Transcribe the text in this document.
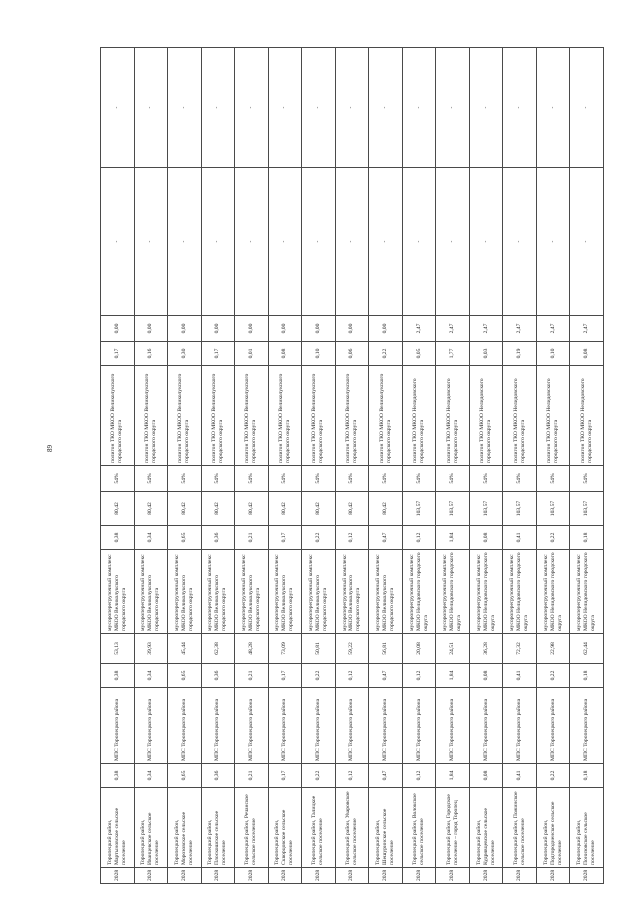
89
2028	Торопецкий район, Мартыновское сельское поселение	0,38	МПС Торопецкого района	0,38	53,13	мусороперегрузочный комплекс МКОО Великолукского городского округа	0,38	80,42	54%	полигон ТКО МКОО Великолукского городского округа	0,17	0,00	-	-
2028	Торопецкий район, Иванцевское сельское поселение	0,34	МПС Торопецкого района	0,34	39,93	мусороперегрузочный комплекс МКОО Великолукского городского округа	0,34	80,42	54%	полигон ТКО МКОО Великолукского городского округа	0,16	0,00	-	-
2028	Торопецкий район, Морозовское сельское поселение	0,65	МПС Торопецкого района	0,65	45,44	мусороперегрузочный комплекс МКОО Великолукского городского округа	0,65	80,42	54%	полигон ТКО МКОО Великолукского городского округа	0,30	0,00	-	-
2028	Торопецкий район, Плоскошское сельское поселение	0,36	МПС Торопецкого района	0,36	62,38	мусороперегрузочный комплекс МКОО Великолукского городского округа	0,36	80,42	54%	полигон ТКО МКОО Великолукского городского округа	0,17	0,00	-	-
2028	Торопецкий район, Речанское сельское поселение	0,21	МПС Торопецкого района	0,21	48,28	мусороперегрузочный комплекс МКОО Великолукского городского округа	0,21	80,42	54%	полигон ТКО МКОО Великолукского городского округа	0,01	0,00	-	-
2028	Торопецкий район, Скворцовское сельское поселение	0,17	МПС Торопецкого района	0,17	73,09	мусороперегрузочный комплекс МКОО Великолукского городского округа	0,17	80,42	54%	полигон ТКО МКОО Великолукского городского округа	0,08	0,00	-	-
2028	Торопецкий район, Талицкое сельское поселение	0,22	МПС Торопецкого района	0,22	50,81	мусороперегрузочный комплекс МКОО Великолукского городского округа	0,22	80,42	54%	полигон ТКО МКОО Великолукского городского округа	0,10	0,00	-	-
2028	Торопецкий район, Уваровское сельское поселение	0,12	МПС Торопецкого района	0,12	59,22	мусороперегрузочный комплекс МКОО Великолукского городского округа	0,12	80,42	54%	полигон ТКО МКОО Великолукского городского округа	0,06	0,00	-	-
2028	Торопецкий район, Шешуринское сельское поселение	0,47	МПС Торопецкого района	0,47	56,81	мусороперегрузочный комплекс МКОО Великолукского городского округа	0,47	80,42	54%	полигон ТКО МКОО Великолукского городского округа	0,22	0,00	-	-
2028	Торопецкий район, Волокское сельское поселение	0,12	МПС Торопецкого района	0,12	20,08	мусороперегрузочный комплекс МКОО Нелидовского городского округа	0,12	103,57	54%	полигон ТКО МКОО Нелидовского городского округа	0,05	2,47	-	-
2028	Торопецкий район, Городское поселение – город Торопец	1,84	МПС Торопецкого района	1,84	24,51	мусороперегрузочный комплекс МКОО Нелидовского городского округа	1,84	103,57	54%	полигон ТКО МКОО Нелидовского городского округа	1,77	2,47	-	-
2028	Торопецкий район, Кудрявцевское сельское поселение	0,08	МПС Торопецкого района	0,08	36,28	мусороперегрузочный комплекс МКОО Нелидовского городского округа	0,08	103,57	54%	полигон ТКО МКОО Нелидовского городского округа	0,03	2,47	-	-
2028	Торопецкий район, Пожинское сельское поселение	0,41	МПС Торопецкого района	0,41	72,32	мусороперегрузочный комплекс МКОО Нелидовского городского округа	0,41	103,57	54%	полигон ТКО МКОО Нелидовского городского округа	0,19	2,47	-	-
2028	Торопецкий район, Подгородненское сельское поселение	0,22	МПС Торопецкого района	0,22	22,98	мусороперегрузочный комплекс МКОО Нелидовского городского округа	0,22	103,57	54%	полигон ТКО МКОО Нелидовского городского округа	0,10	2,47	-	-
2028	Торопецкий район, Понизовское сельское поселение	0,18	МПС Торопецкого района	0,18	62,44	мусороперегрузочный комплекс МКОО Нелидовского городского округа	0,18	103,57	54%	полигон ТКО МКОО Нелидовского городского округа	0,08	2,47	-	-
